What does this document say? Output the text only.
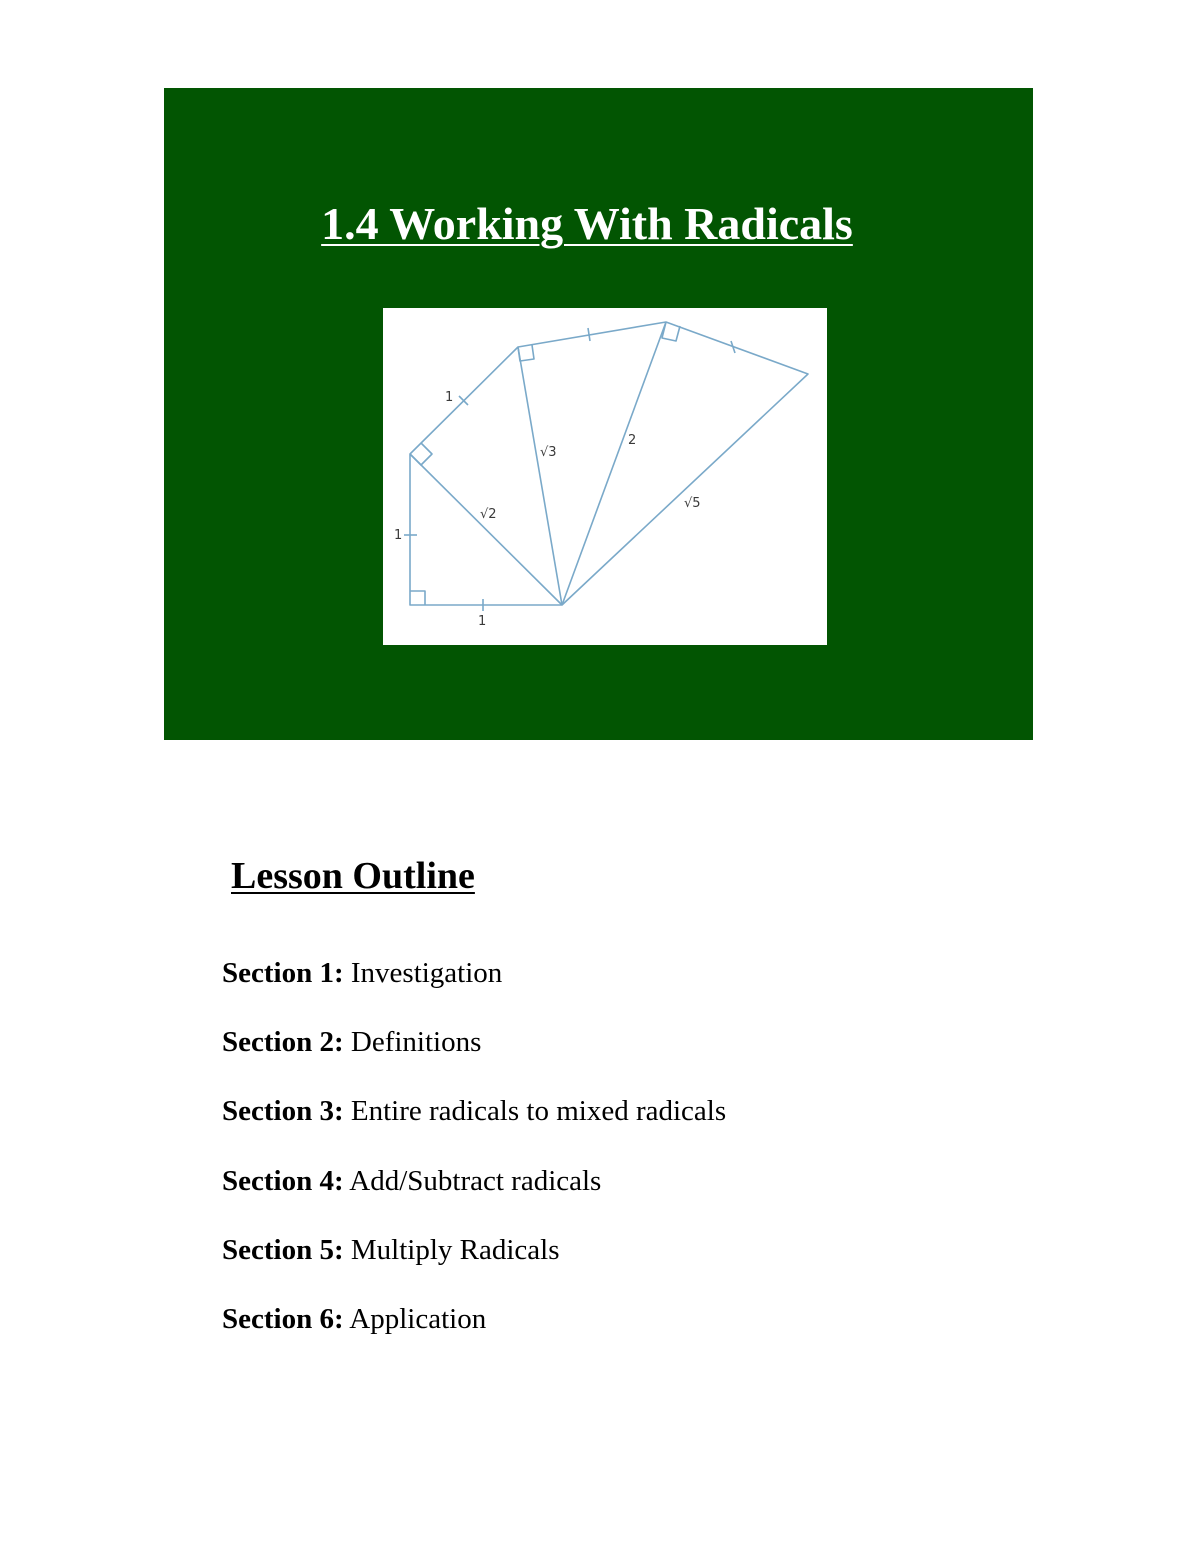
1.4 Working With Radicals
1
1
1
√2
√3
2
√5
Lesson Outline
Section 1: Investigation
Section 2: Definitions
Section 3: Entire radicals to mixed radicals
Section 4: Add/Subtract radicals
Section 5: Multiply Radicals
Section 6: Application
